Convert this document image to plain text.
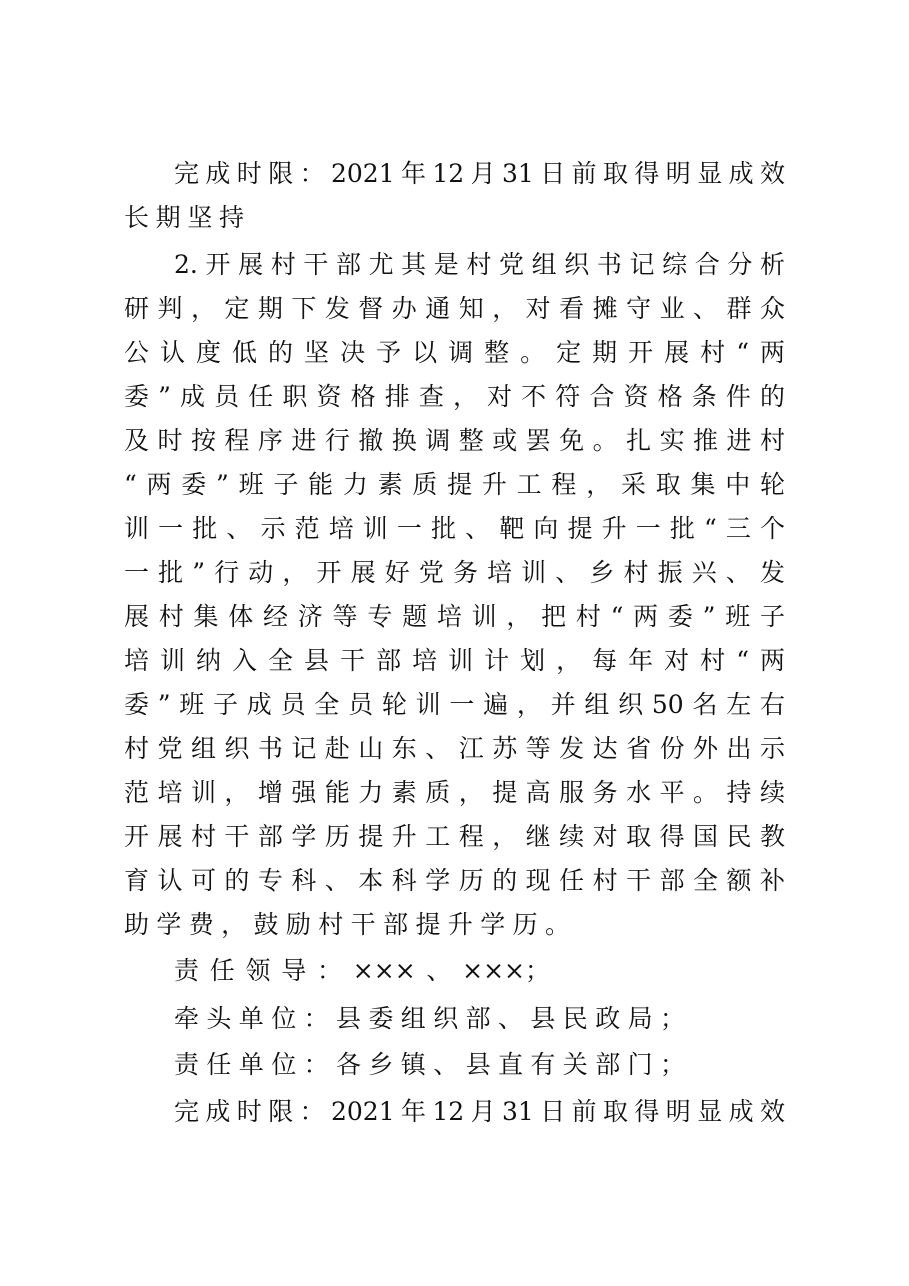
完成时限：2021年12月31日前取得明显成效
长期坚持
2.开展村干部尤其是村党组织书记综合分析
研判，定期下发督办通知，对看摊守业、群众
公认度低的坚决予以调整。定期开展村“两
委”成员任职资格排查，对不符合资格条件的
及时按程序进行撤换调整或罢免。扎实推进村
“两委”班子能力素质提升工程，采取集中轮
训一批、示范培训一批、靶向提升一批“三个
一批”行动，开展好党务培训、乡村振兴、发
展村集体经济等专题培训，把村“两委”班子
培训纳入全县干部培训计划，每年对村“两
委”班子成员全员轮训一遍，并组织50名左右
村党组织书记赴山东、江苏等发达省份外出示
范培训，增强能力素质，提高服务水平。持续
开展村干部学历提升工程，继续对取得国民教
育认可的专科、本科学历的现任村干部全额补
助学费，鼓励村干部提升学历。
责任领导：×××、×××；
牵头单位：县委组织部、县民政局；
责任单位：各乡镇、县直有关部门；
完成时限：2021年12月31日前取得明显成效
